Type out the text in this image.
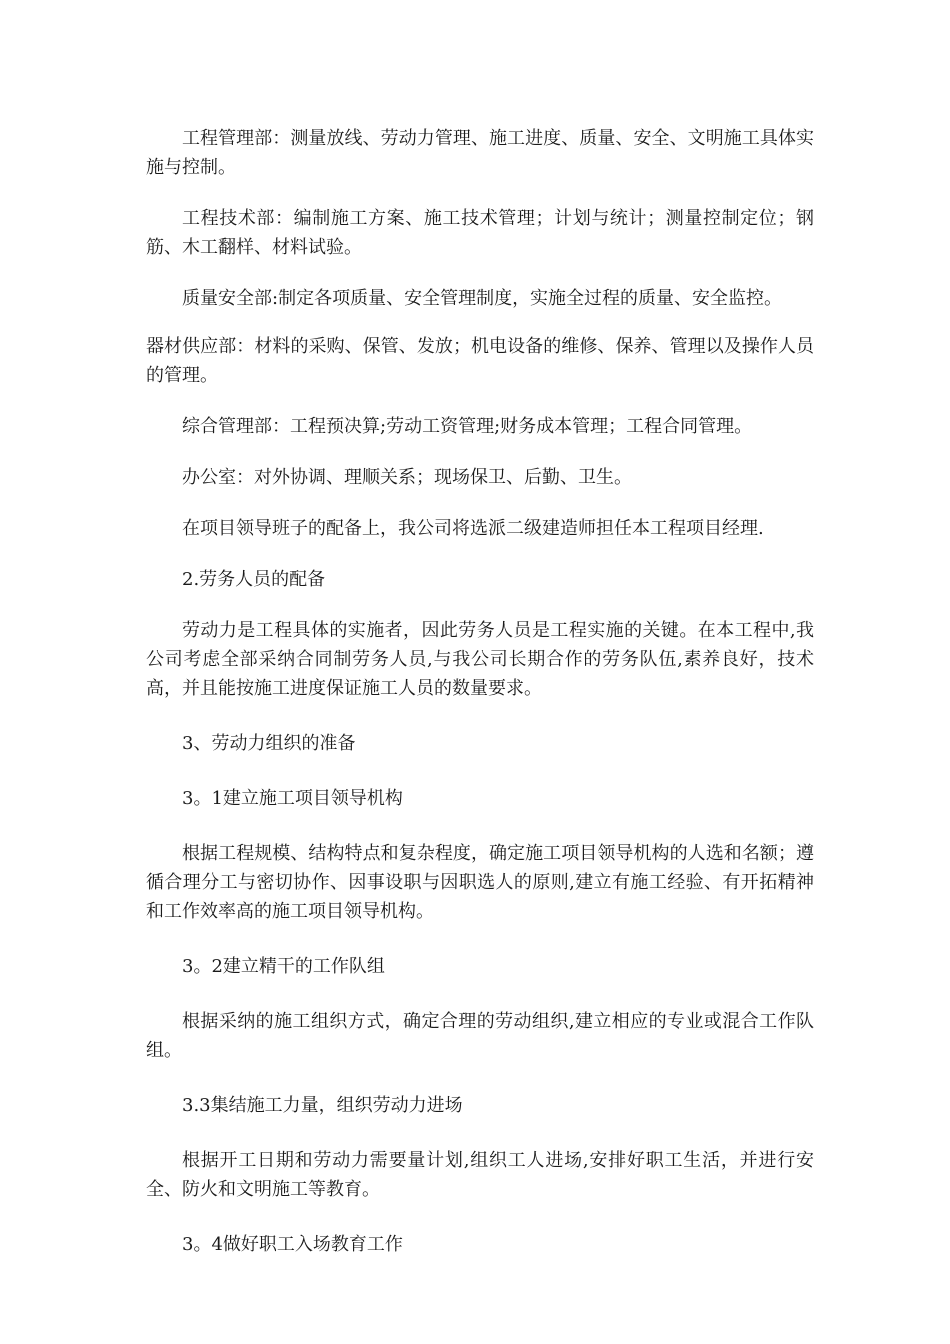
工程管理部：测量放线、劳动力管理、施工进度、质量、安全、文明施工具体实施与控制。

工程技术部：编制施工方案、施工技术管理；计划与统计；测量控制定位；钢筋、木工翻样、材料试验。

质量安全部:制定各项质量、安全管理制度，实施全过程的质量、安全监控。

器材供应部：材料的采购、保管、发放；机电设备的维修、保养、管理以及操作人员的管理。

综合管理部：工程预决算;劳动工资管理;财务成本管理；工程合同管理。

办公室：对外协调、理顺关系；现场保卫、后勤、卫生。

在项目领导班子的配备上，我公司将选派二级建造师担任本工程项目经理.

2.劳务人员的配备

劳动力是工程具体的实施者，因此劳务人员是工程实施的关键。在本工程中,我公司考虑全部采纳合同制劳务人员,与我公司长期合作的劳务队伍,素养良好，技术高，并且能按施工进度保证施工人员的数量要求。

3、劳动力组织的准备

3。1建立施工项目领导机构

根据工程规模、结构特点和复杂程度，确定施工项目领导机构的人选和名额；遵循合理分工与密切协作、因事设职与因职选人的原则,建立有施工经验、有开拓精神和工作效率高的施工项目领导机构。

3。2建立精干的工作队组

根据采纳的施工组织方式，确定合理的劳动组织,建立相应的专业或混合工作队组。

3.3集结施工力量，组织劳动力进场

根据开工日期和劳动力需要量计划,组织工人进场,安排好职工生活，并进行安全、防火和文明施工等教育。

3。4做好职工入场教育工作
